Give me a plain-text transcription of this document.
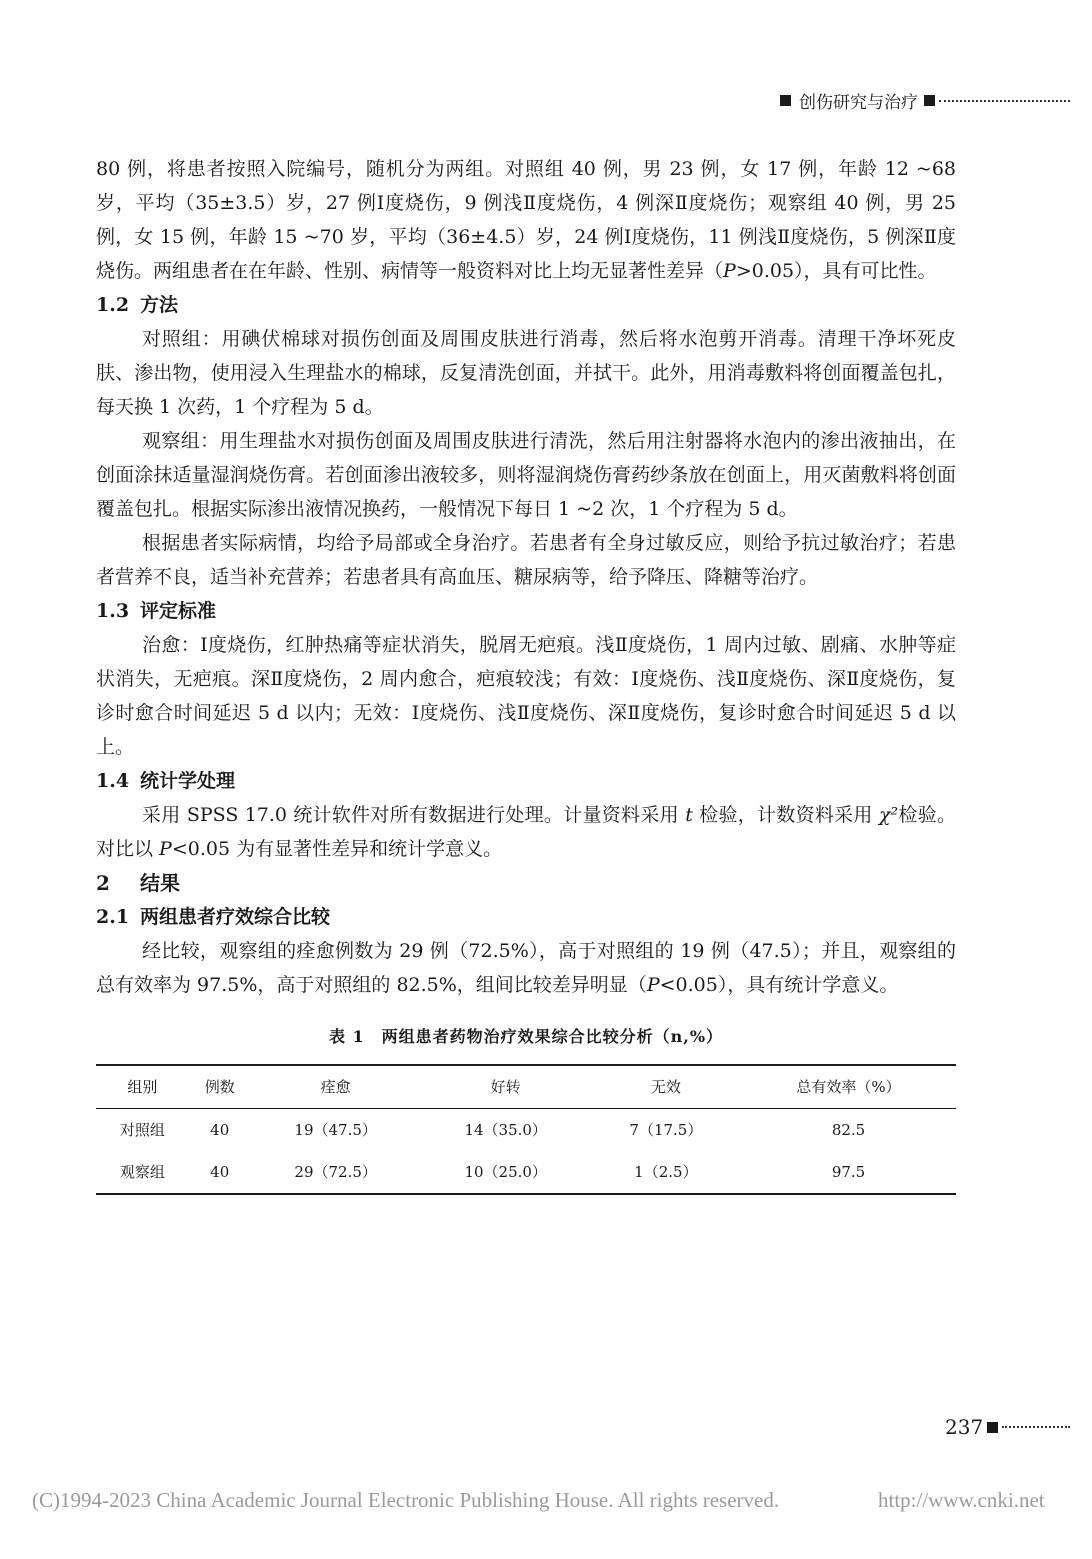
创伤研究与治疗

80 例，将患者按照入院编号，随机分为两组。对照组 40 例，男 23 例，女 17 例，年龄 12 ~68 岁，平均（35±3.5）岁，27 例Ⅰ度烧伤，9 例浅Ⅱ度烧伤，4 例深Ⅱ度烧伤；观察组 40 例，男 25 例，女 15 例，年龄 15 ~70 岁，平均（36±4.5）岁，24 例Ⅰ度烧伤，11 例浅Ⅱ度烧伤，5 例深Ⅱ度烧伤。两组患者在在年龄、性别、病情等一般资料对比上均无显著性差异（P>0.05），具有可比性。

1.2 方法

对照组：用碘伏棉球对损伤创面及周围皮肤进行消毒，然后将水泡剪开消毒。清理干净坏死皮肤、渗出物，使用浸入生理盐水的棉球，反复清洗创面，并拭干。此外，用消毒敷料将创面覆盖包扎，每天换 1 次药，1 个疗程为 5 d。

观察组：用生理盐水对损伤创面及周围皮肤进行清洗，然后用注射器将水泡内的渗出液抽出，在创面涂抹适量湿润烧伤膏。若创面渗出液较多，则将湿润烧伤膏药纱条放在创面上，用灭菌敷料将创面覆盖包扎。根据实际渗出液情况换药，一般情况下每日 1 ~2 次，1 个疗程为 5 d。

根据患者实际病情，均给予局部或全身治疗。若患者有全身过敏反应，则给予抗过敏治疗；若患者营养不良，适当补充营养；若患者具有高血压、糖尿病等，给予降压、降糖等治疗。

1.3 评定标准

治愈：Ⅰ度烧伤，红肿热痛等症状消失，脱屑无疤痕。浅Ⅱ度烧伤，1 周内过敏、剧痛、水肿等症状消失，无疤痕。深Ⅱ度烧伤，2 周内愈合，疤痕较浅；有效：Ⅰ度烧伤、浅Ⅱ度烧伤、深Ⅱ度烧伤，复诊时愈合时间延迟 5 d 以内；无效：Ⅰ度烧伤、浅Ⅱ度烧伤、深Ⅱ度烧伤，复诊时愈合时间延迟 5 d 以上。

1.4 统计学处理

采用 SPSS 17.0 统计软件对所有数据进行处理。计量资料采用 t 检验，计数资料采用 χ²检验。对比以 P<0.05 为有显著性差异和统计学意义。

2 结果

2.1 两组患者疗效综合比较

经比较，观察组的痊愈例数为 29 例（72.5%），高于对照组的 19 例（47.5）；并且，观察组的总有效率为 97.5%，高于对照组的 82.5%，组间比较差异明显（P<0.05），具有统计学意义。

表 1　两组患者药物治疗效果综合比较分析（n,%）
组别	例数	痊愈	好转	无效	总有效率（%）
对照组	40	19（47.5）	14（35.0）	7（17.5）	82.5
观察组	40	29（72.5）	10（25.0）	1（2.5）	97.5
237
(C)1994-2023 China Academic Journal Electronic Publishing House. All rights reserved.	http://www.cnki.net
